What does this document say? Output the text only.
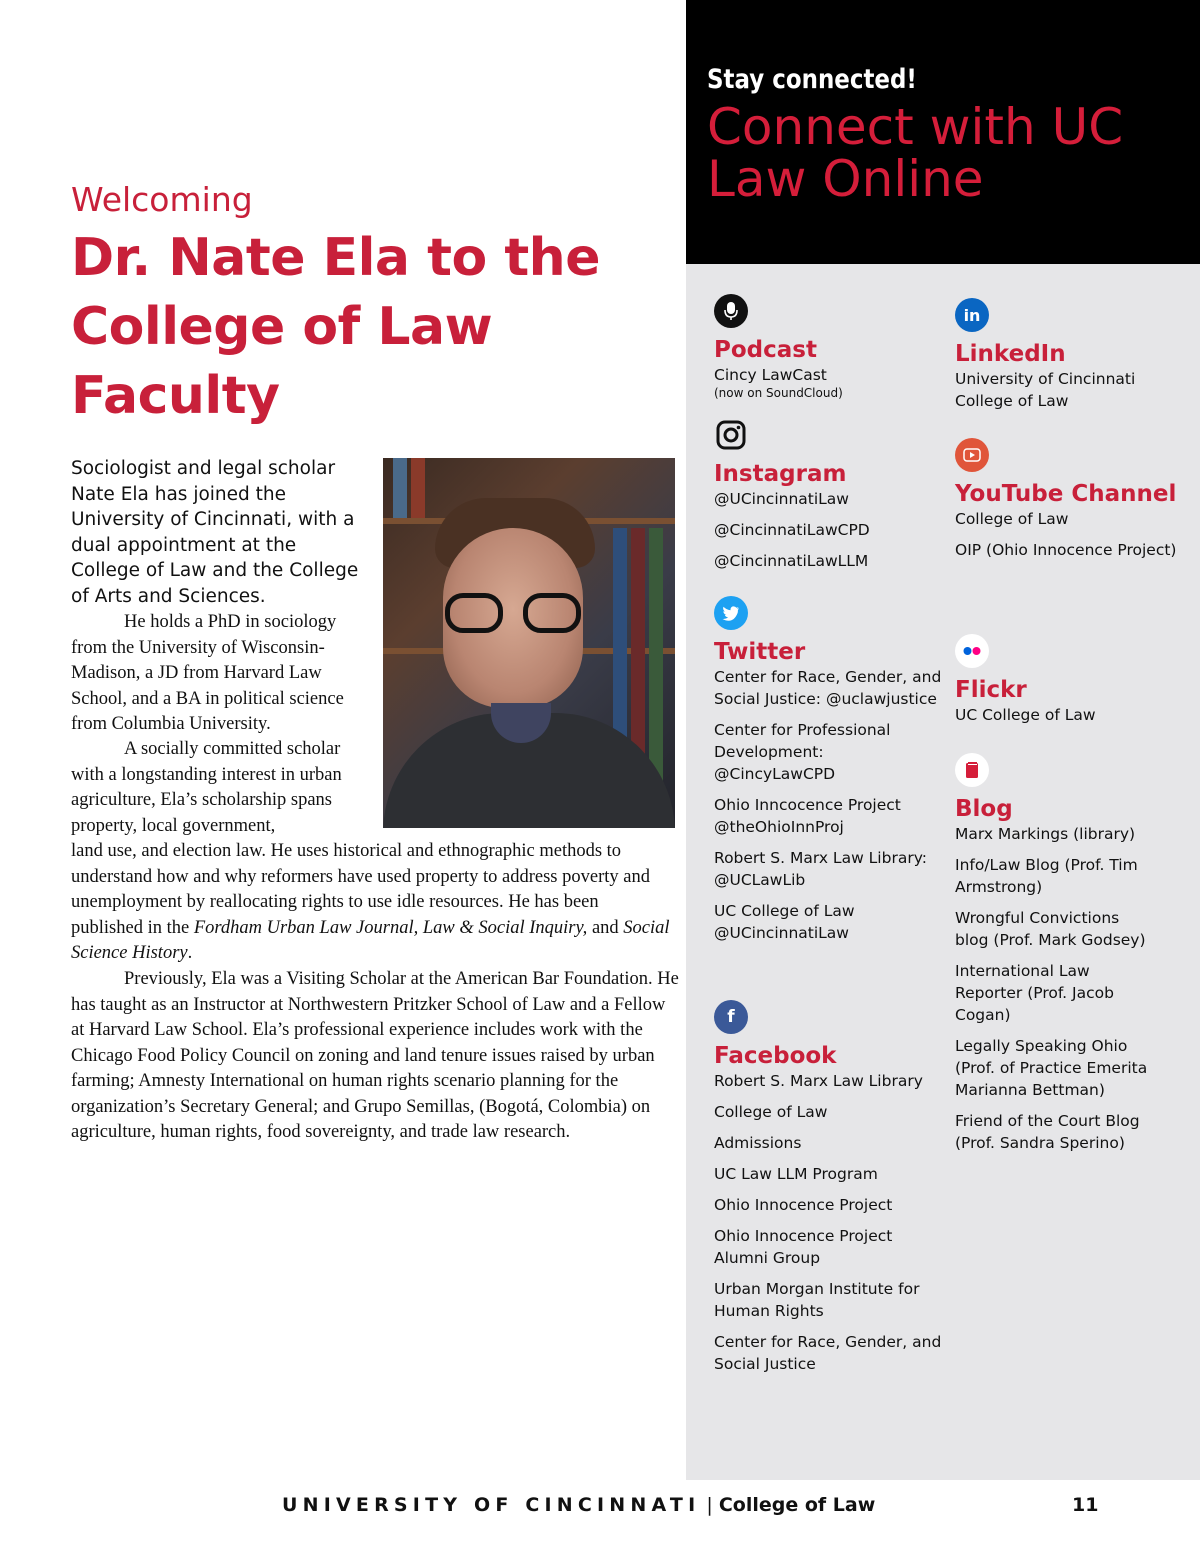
Welcoming

Dr. Nate Ela to the College of Law Faculty

Sociologist and legal scholar Nate Ela has joined the University of Cincinnati, with a dual appointment at the College of Law and the College of Arts and Sciences.

He holds a PhD in sociology from the University of Wisconsin-Madison, a JD from Harvard Law School, and a BA in political science from Columbia University.

A socially committed scholar with a longstanding interest in urban agriculture, Ela’s scholarship spans property, local government,

land use, and election law. He uses historical and ethnographic methods to understand how and why reformers have used property to address poverty and unemployment by reallocating rights to use idle resources. He has been published in the Fordham Urban Law Journal, Law & Social Inquiry, and Social Science History.

Previously, Ela was a Visiting Scholar at the American Bar Foundation. He has taught as an Instructor at Northwestern Pritzker School of Law and a Fellow at Harvard Law School. Ela’s professional experience includes work with the Chicago Food Policy Council on zoning and land tenure issues raised by urban farming; Amnesty International on human rights scenario planning for the organization’s Secretary General; and Grupo Semillas, (Bogotá, Colombia) on agriculture, human rights, food sovereignty, and trade law research.

Stay connected!

Connect with UC Law Online

Podcast

Cincy LawCast

(now on SoundCloud)

Instagram

@UCincinnatiLaw

@CincinnatiLawCPD

@CincinnatiLawLLM

Twitter

Center for Race, Gender, and Social Justice: @uclawjustice

Center for Professional Development: @CincyLawCPD

Ohio Inncocence Project @theOhioInnProj

Robert S. Marx Law Library: @UCLawLib

UC College of Law @UCincinnatiLaw

f

Facebook

Robert S. Marx Law Library

College of Law

Admissions

UC Law LLM Program

Ohio Innocence Project

Ohio Innocence Project Alumni Group

Urban Morgan Institute for Human Rights

Center for Race, Gender, and Social Justice

in

LinkedIn

University of Cincinnati College of Law

YouTube Channel

College of Law

OIP (Ohio Innocence Project)

Flickr

UC College of Law

Blog

Marx Markings (library)

Info/Law Blog (Prof. Tim Armstrong)

Wrongful Convictions blog (Prof. Mark Godsey)

International Law Reporter (Prof. Jacob Cogan)

Legally Speaking Ohio (Prof. of Practice Emerita Marianna Bettman)

Friend of the Court Blog (Prof. Sandra Sperino)

UNIVERSITY OF CINCINNATI | College of Law	11
